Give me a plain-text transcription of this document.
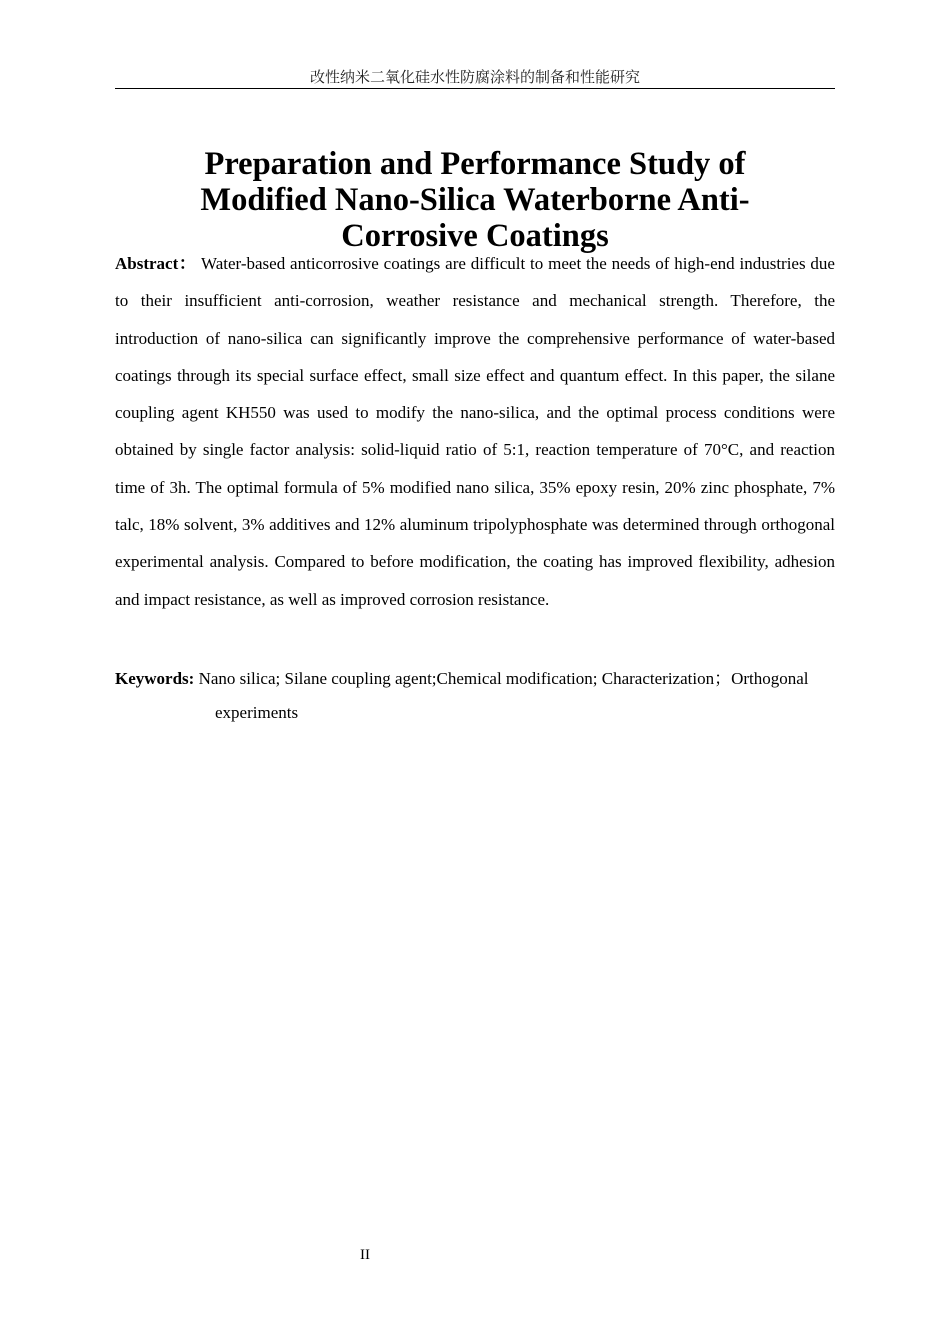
改性纳米二氧化硅水性防腐涂料的制备和性能研究
Preparation and Performance Study of Modified Nano-Silica Waterborne Anti-Corrosive Coatings

Abstract： Water-based anticorrosive coatings are difficult to meet the needs of high-end industries due to their insufficient anti-corrosion, weather resistance and mechanical strength. Therefore, the introduction of nano-silica can significantly improve the comprehensive performance of water-based coatings through its special surface effect, small size effect and quantum effect. In this paper, the silane coupling agent KH550 was used to modify the nano-silica, and the optimal process conditions were obtained by single factor analysis: solid-liquid ratio of 5:1, reaction temperature of 70°C, and reaction time of 3h. The optimal formula of 5% modified nano silica, 35% epoxy resin, 20% zinc phosphate, 7% talc, 18% solvent, 3% additives and 12% aluminum tripolyphosphate was determined through orthogonal experimental analysis. Compared to before modification, the coating has improved flexibility, adhesion and impact resistance, as well as improved corrosion resistance.

Keywords: Nano silica; Silane coupling agent;Chemical modification; Characterization；Orthogonal experiments

II
